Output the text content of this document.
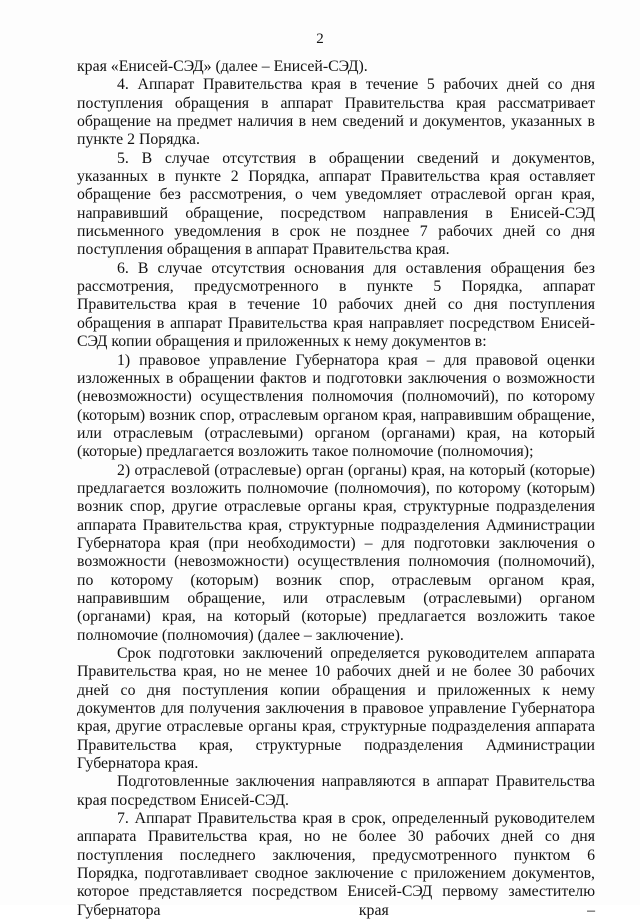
2

края «Енисей-СЭД» (далее – Енисей-СЭД).

4. Аппарат Правительства края в течение 5 рабочих дней со дня поступления обращения в аппарат Правительства края рассматривает обращение на предмет наличия в нем сведений и документов, указанных в пункте 2 Порядка.

5. В случае отсутствия в обращении сведений и документов, указанных в пункте 2 Порядка, аппарат Правительства края оставляет обращение без рассмотрения, о чем уведомляет отраслевой орган края, направивший обращение, посредством направления в Енисей-СЭД письменного уведомления в срок не позднее 7 рабочих дней со дня поступления обращения в аппарат Правительства края.

6. В случае отсутствия основания для оставления обращения без рассмотрения, предусмотренного в пункте 5 Порядка, аппарат Правительства края в течение 10 рабочих дней со дня поступления обращения в аппарат Правительства края направляет посредством Енисей-СЭД копии обращения и приложенных к нему документов в:

1) правовое управление Губернатора края – для правовой оценки изложенных в обращении фактов и подготовки заключения о возможности (невозможности) осуществления полномочия (полномочий), по которому (которым) возник спор, отраслевым органом края, направившим обращение, или отраслевым (отраслевыми) органом (органами) края, на который (которые) предлагается возложить такое полномочие (полномочия);

2) отраслевой (отраслевые) орган (органы) края, на который (которые) предлагается возложить полномочие (полномочия), по которому (которым) возник спор, другие отраслевые органы края, структурные подразделения аппарата Правительства края, структурные подразделения Администрации Губернатора края (при необходимости) – для подготовки заключения о возможности (невозможности) осуществления полномочия (полномочий), по которому (которым) возник спор, отраслевым органом края, направившим обращение, или отраслевым (отраслевыми) органом (органами) края, на который (которые) предлагается возложить такое полномочие (полномочия) (далее – заключение).

Срок подготовки заключений определяется руководителем аппарата Правительства края, но не менее 10 рабочих дней и не более 30 рабочих дней со дня поступления копии обращения и приложенных к нему документов для получения заключения в правовое управление Губернатора края, другие отраслевые органы края, структурные подразделения аппарата Правительства края, структурные подразделения Администрации Губернатора края.

Подготовленные заключения направляются в аппарат Правительства края посредством Енисей-СЭД.

7. Аппарат Правительства края в срок, определенный руководителем аппарата Правительства края, но не более 30 рабочих дней со дня поступления последнего заключения, предусмотренного пунктом 6 Порядка, подготавливает сводное заключение с приложением документов, которое представляется посредством Енисей-СЭД первому заместителю Губернатора края –
